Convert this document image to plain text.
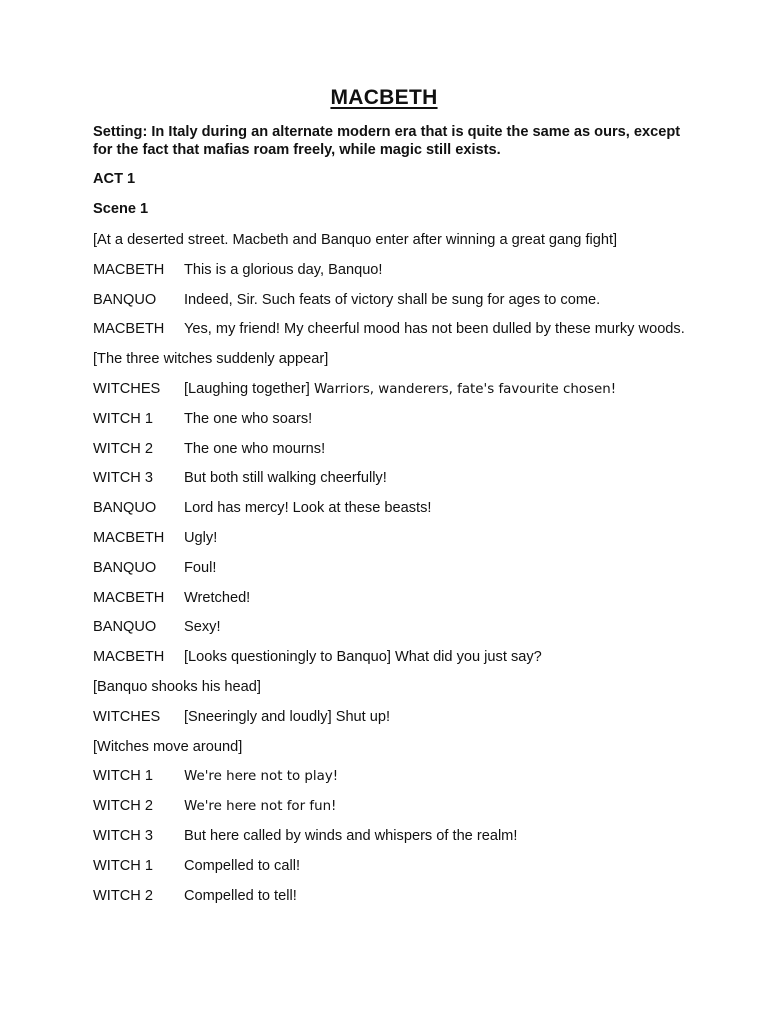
MACBETH
Setting: In Italy during an alternate modern era that is quite the same as ours, except for the fact that mafias roam freely, while magic still exists.
ACT 1
Scene 1
[At a deserted street. Macbeth and Banquo enter after winning a great gang fight]
MACBETH	This is a glorious day, Banquo!
BANQUO	Indeed, Sir. Such feats of victory shall be sung for ages to come.
MACBETH	Yes, my friend! My cheerful mood has not been dulled by these murky woods.
[The three witches suddenly appear]
WITCHES	[Laughing together] Warriors, wanderers, fate's favourite chosen!
WITCH 1	The one who soars!
WITCH 2	The one who mourns!
WITCH 3	But both still walking cheerfully!
BANQUO	Lord has mercy! Look at these beasts!
MACBETH	Ugly!
BANQUO	Foul!
MACBETH	Wretched!
BANQUO	Sexy!
MACBETH	[Looks questioningly to Banquo] What did you just say?
[Banquo shooks his head]
WITCHES	[Sneeringly and loudly] Shut up!
[Witches move around]
WITCH 1	We're here not to play!
WITCH 2	We're here not for fun!
WITCH 3	But here called by winds and whispers of the realm!
WITCH 1	Compelled to call!
WITCH 2	Compelled to tell!
